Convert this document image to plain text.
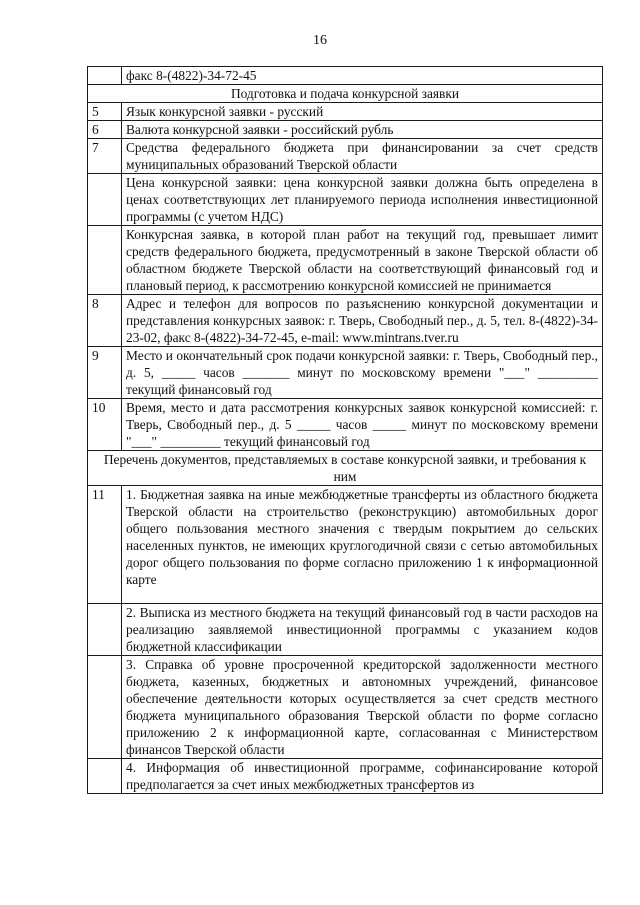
16
	факс 8-(4822)-34-72-45
Подготовка и подача конкурсной заявки	
5	Язык конкурсной заявки - русский
6	Валюта конкурсной заявки - российский рубль
7	Средства федерального бюджета при финансировании за счет средств муниципальных образований Тверской области
	Цена конкурсной заявки: цена конкурсной заявки должна быть определена в ценах соответствующих лет планируемого периода исполнения инвестиционной программы (с учетом НДС)
	Конкурсная заявка, в которой план работ на текущий год, превышает лимит средств федерального бюджета, предусмотренный в законе Тверской области об областном бюджете Тверской области на соответствующий финансовый год и плановый период, к рассмотрению конкурсной комиссией не принимается
8	Адрес и телефон для вопросов по разъяснению конкурсной документации и представления конкурсных заявок: г. Тверь, Свободный пер., д. 5, тел. 8-(4822)-34-23-02, факс 8-(4822)-34-72-45, e-mail: www.mintrans.tver.ru
9	Место и окончательный срок подачи конкурсной заявки: г. Тверь, Свободный пер., д. 5, _____ часов _______ минут по московскому времени "___" _________ текущий финансовый год
10	Время, место и дата рассмотрения конкурсных заявок конкурсной комиссией: г. Тверь, Свободный пер., д. 5 _____ часов _____ минут по московскому времени "___" _________ текущий финансовый год
Перечень документов, представляемых в составе конкурсной заявки, и требования к ним	
11	1. Бюджетная заявка на иные межбюджетные трансферты из областного бюджета Тверской области на строительство (реконструкцию) автомобильных дорог общего пользования местного значения с твердым покрытием до сельских населенных пунктов, не имеющих круглогодичной связи с сетью автомобильных дорог общего пользования по форме согласно приложению 1 к информационной карте
	2. Выписка из местного бюджета на текущий финансовый год в части расходов на реализацию заявляемой инвестиционной программы с указанием кодов бюджетной классификации
	3. Справка об уровне просроченной кредиторской задолженности местного бюджета, казенных, бюджетных и автономных учреждений, финансовое обеспечение деятельности которых осуществляется за счет средств местного бюджета муниципального образования Тверской области по форме согласно приложению 2 к информационной карте, согласованная с Министерством финансов Тверской области
	4. Информация об инвестиционной программе, софинансирование которой предполагается за счет иных межбюджетных трансфертов из
